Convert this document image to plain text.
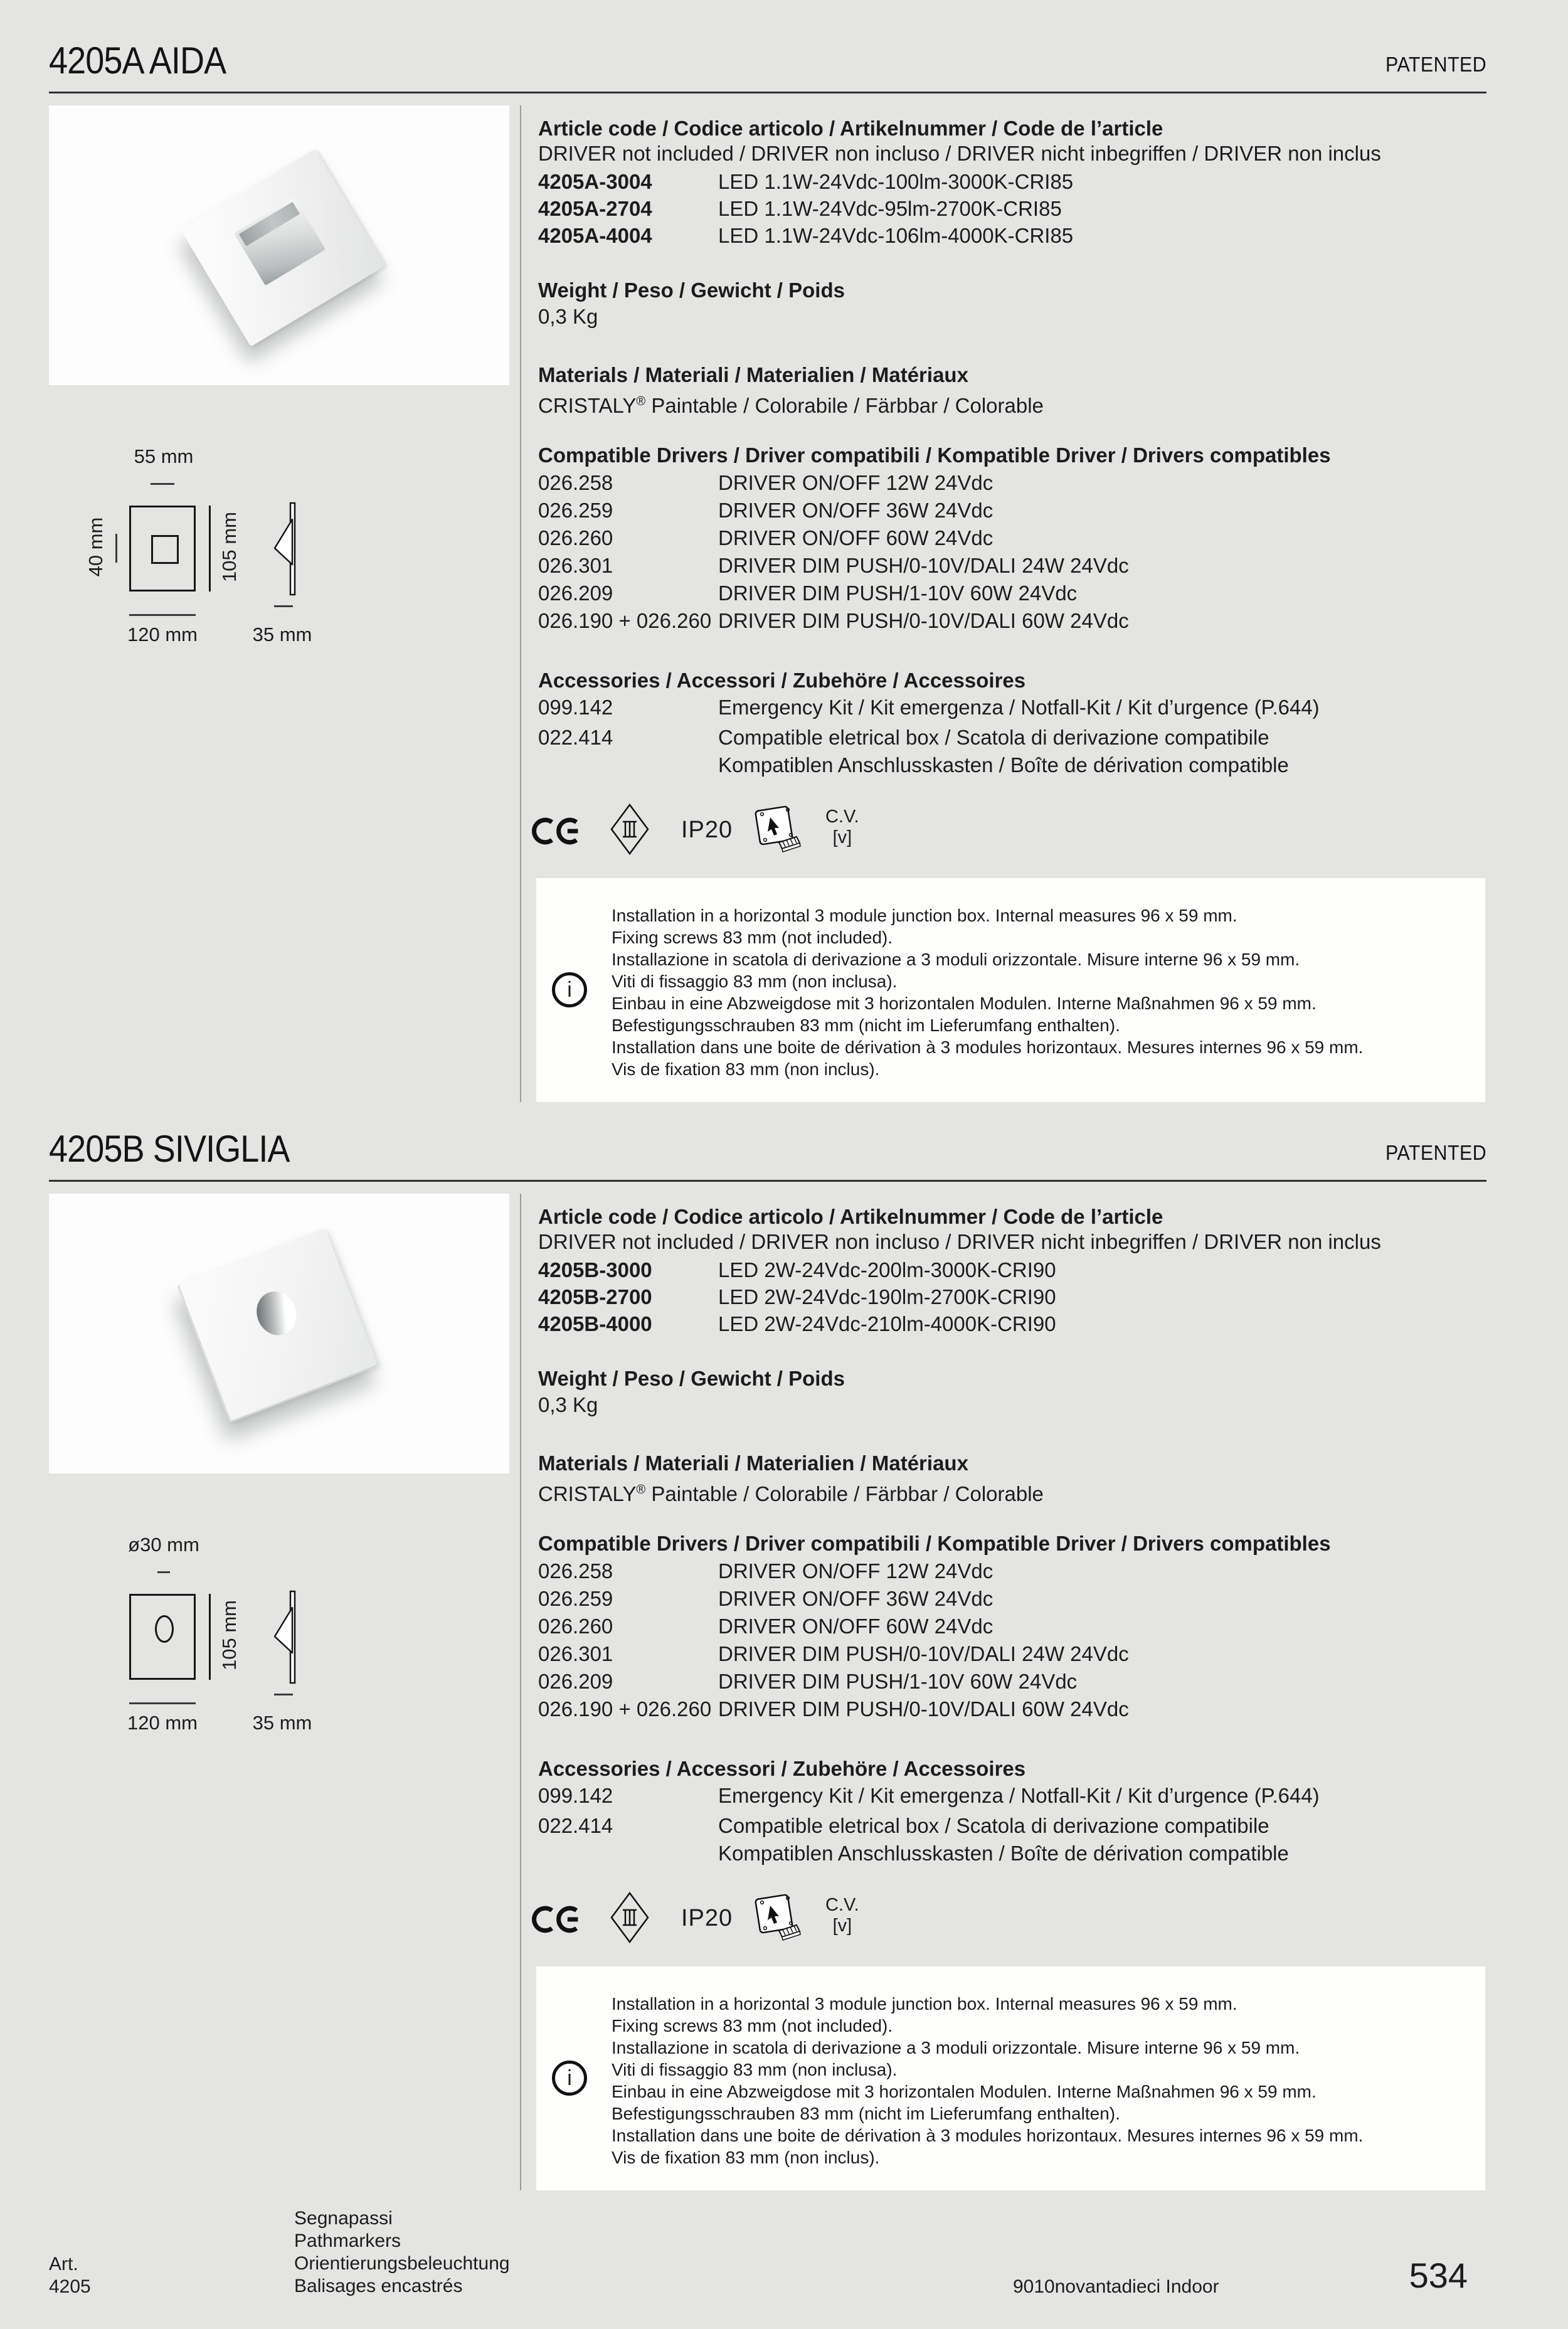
4205A AIDA	PATENTED
Article code / Codice articolo / Artikelnummer / Code de l’article
DRIVER not included / DRIVER non incluso / DRIVER nicht inbegriffen / DRIVER non inclus
4205A-3004	LED 1.1W-24Vdc-100lm-3000K-CRI85
4205A-2704	LED 1.1W-24Vdc-95lm-2700K-CRI85
4205A-4004	LED 1.1W-24Vdc-106lm-4000K-CRI85
Weight / Peso / Gewicht / Poids
0,3 Kg
Materials / Materiali / Materialien / Matériaux
CRISTALY® Paintable / Colorabile / Färbbar / Colorable
Compatible Drivers / Driver compatibili / Kompatible Driver / Drivers compatibles
026.258	DRIVER ON/OFF 12W 24Vdc
026.259	DRIVER ON/OFF 36W 24Vdc
026.260	DRIVER ON/OFF 60W 24Vdc
026.301	DRIVER DIM PUSH/0-10V/DALI 24W 24Vdc
026.209	DRIVER DIM PUSH/1-10V 60W 24Vdc
026.190 + 026.260 DRIVER DIM PUSH/0-10V/DALI 60W 24Vdc
Accessories / Accessori / Zubehöre / Accessoires
099.142	Emergency Kit / Kit emergenza / Notfall-Kit / Kit d’urgence (P.644)
022.414	Compatible eletrical box / Scatola di derivazione compatibile
Kompatiblen Anschlusskasten / Boîte de dérivation compatible
IP20	C.V.
[v]
i
Installation in a horizontal 3 module junction box. Internal measures 96 x 59 mm.
Fixing screws 83 mm (not included).
Installazione in scatola di derivazione a 3 moduli orizzontale. Misure interne 96 x 59 mm.
Viti di fissaggio 83 mm (non inclusa).
Einbau in eine Abzweigdose mit 3 horizontalen Modulen. Interne Maßnahmen 96 x 59 mm.
Befestigungsschrauben 83 mm (nicht im Lieferumfang enthalten).
Installation dans une boite de dérivation à 3 modules horizontaux. Mesures internes 96 x 59 mm.
Vis de fixation 83 mm (non inclus).
55 mm
40 mm	105 mm
120 mm	35 mm
4205B SIVIGLIA	PATENTED
Article code / Codice articolo / Artikelnummer / Code de l’article
DRIVER not included / DRIVER non incluso / DRIVER nicht inbegriffen / DRIVER non inclus
4205B-3000	LED 2W-24Vdc-200lm-3000K-CRI90
4205B-2700	LED 2W-24Vdc-190lm-2700K-CRI90
4205B-4000	LED 2W-24Vdc-210lm-4000K-CRI90
Weight / Peso / Gewicht / Poids
0,3 Kg
Materials / Materiali / Materialien / Matériaux
CRISTALY® Paintable / Colorabile / Färbbar / Colorable
Compatible Drivers / Driver compatibili / Kompatible Driver / Drivers compatibles
026.258	DRIVER ON/OFF 12W 24Vdc
026.259	DRIVER ON/OFF 36W 24Vdc
026.260	DRIVER ON/OFF 60W 24Vdc
026.301	DRIVER DIM PUSH/0-10V/DALI 24W 24Vdc
026.209	DRIVER DIM PUSH/1-10V 60W 24Vdc
026.190 + 026.260 DRIVER DIM PUSH/0-10V/DALI 60W 24Vdc
Accessories / Accessori / Zubehöre / Accessoires
099.142	Emergency Kit / Kit emergenza / Notfall-Kit / Kit d’urgence (P.644)
022.414	Compatible eletrical box / Scatola di derivazione compatibile
Kompatiblen Anschlusskasten / Boîte de dérivation compatible
IP20	C.V.
[v]
i
Installation in a horizontal 3 module junction box. Internal measures 96 x 59 mm.
Fixing screws 83 mm (not included).
Installazione in scatola di derivazione a 3 moduli orizzontale. Misure interne 96 x 59 mm.
Viti di fissaggio 83 mm (non inclusa).
Einbau in eine Abzweigdose mit 3 horizontalen Modulen. Interne Maßnahmen 96 x 59 mm.
Befestigungsschrauben 83 mm (nicht im Lieferumfang enthalten).
Installation dans une boite de dérivation à 3 modules horizontaux. Mesures internes 96 x 59 mm.
Vis de fixation 83 mm (non inclus).
ø30 mm
105 mm
120 mm	35 mm
Art.
4205
Segnapassi
Pathmarkers
Orientierungsbeleuchtung
Balisages encastrés	9010novantadieci Indoor	534
